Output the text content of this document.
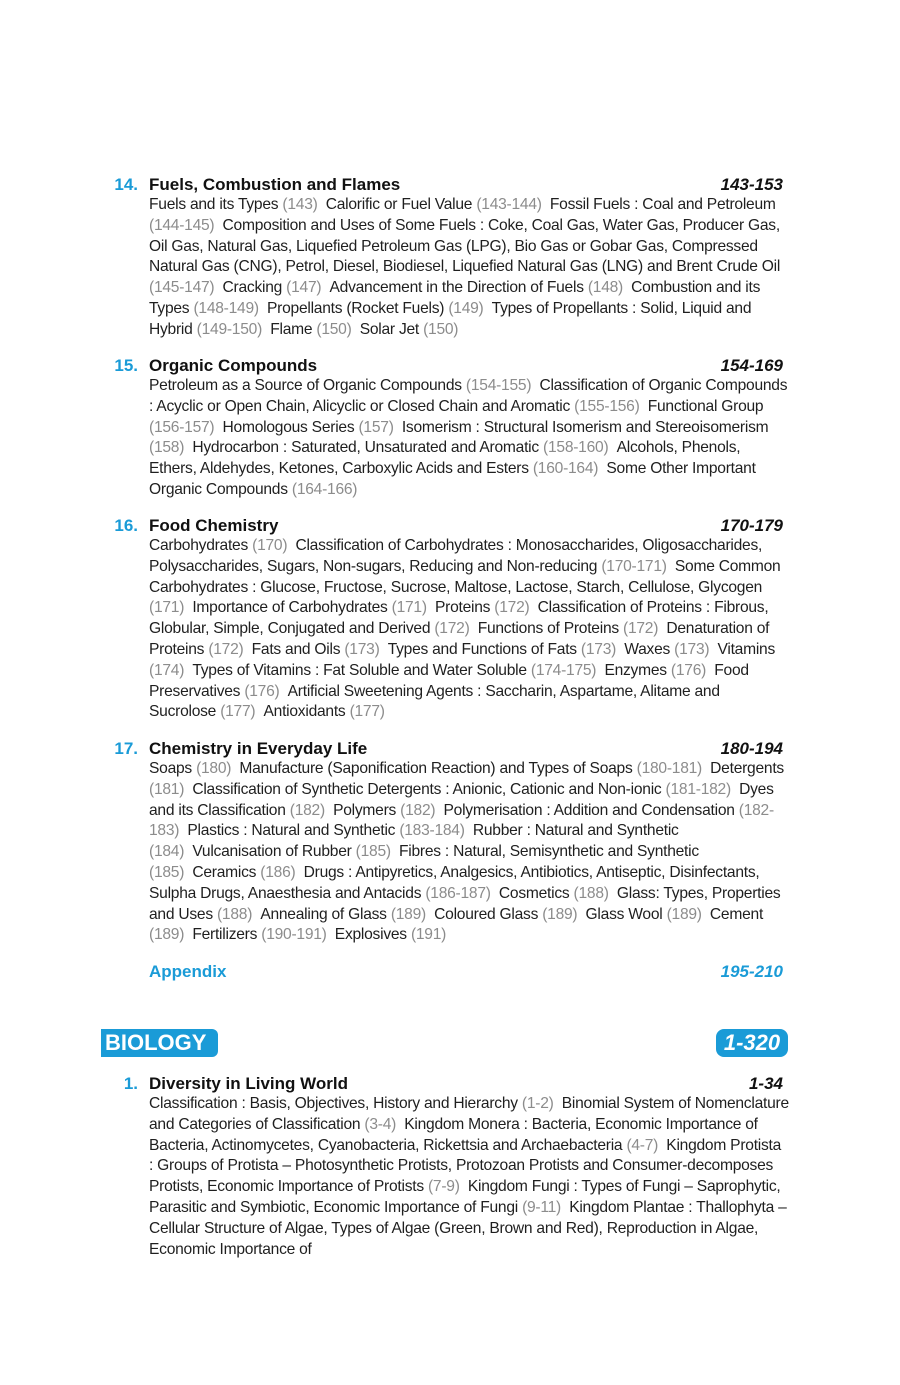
14. Fuels, Combustion and Flames	143-153
Fuels and its Types (143) Calorific or Fuel Value (143-144) Fossil Fuels : Coal and Petroleum (144-145) Composition and Uses of Some Fuels : Coke, Coal Gas, Water Gas, Producer Gas, Oil Gas, Natural Gas, Liquefied Petroleum Gas (LPG), Bio Gas or Gobar Gas, Compressed Natural Gas (CNG), Petrol, Diesel, Biodiesel, Liquefied Natural Gas (LNG) and Brent Crude Oil (145-147) Cracking (147) Advancement in the Direction of Fuels (148) Combustion and its Types (148-149) Propellants (Rocket Fuels) (149) Types of Propellants : Solid, Liquid and Hybrid (149-150) Flame (150) Solar Jet (150)
15. Organic Compounds	154-169
Petroleum as a Source of Organic Compounds (154-155) Classification of Organic Compounds : Acyclic or Open Chain, Alicyclic or Closed Chain and Aromatic (155-156) Functional Group (156-157) Homologous Series (157) Isomerism : Structural Isomerism and Stereoisomerism (158) Hydrocarbon : Saturated, Unsaturated and Aromatic (158-160) Alcohols, Phenols, Ethers, Aldehydes, Ketones, Carboxylic Acids and Esters (160-164) Some Other Important Organic Compounds (164-166)
16. Food Chemistry	170-179
Carbohydrates (170) Classification of Carbohydrates : Monosaccharides, Oligosaccharides, Polysaccharides, Sugars, Non-sugars, Reducing and Non-reducing (170-171) Some Common Carbohydrates : Glucose, Fructose, Sucrose, Maltose, Lactose, Starch, Cellulose, Glycogen (171) Importance of Carbohydrates (171) Proteins (172) Classification of Proteins : Fibrous, Globular, Simple, Conjugated and Derived (172) Functions of Proteins (172) Denaturation of Proteins (172) Fats and Oils (173) Types and Functions of Fats (173) Waxes (173) Vitamins (174) Types of Vitamins : Fat Soluble and Water Soluble (174-175) Enzymes (176) Food Preservatives (176) Artificial Sweetening Agents : Saccharin, Aspartame, Alitame and Sucrolose (177) Antioxidants (177)
17. Chemistry in Everyday Life	180-194
Soaps (180) Manufacture (Saponification Reaction) and Types of Soaps (180-181) Detergents (181) Classification of Synthetic Detergents : Anionic, Cationic and Non-ionic (181-182) Dyes and its Classification (182) Polymers (182) Polymerisation : Addition and Condensation (182-183) Plastics : Natural and Synthetic (183-184) Rubber : Natural and Synthetic (184) Vulcanisation of Rubber (185) Fibres : Natural, Semisynthetic and Synthetic (185) Ceramics (186) Drugs : Antipyretics, Analgesics, Antibiotics, Antiseptic, Disinfectants, Sulpha Drugs, Anaesthesia and Antacids (186-187) Cosmetics (188) Glass: Types, Properties and Uses (188) Annealing of Glass (189) Coloured Glass (189) Glass Wool (189) Cement (189) Fertilizers (190-191) Explosives (191)
Appendix	195-210
BIOLOGY	1-320
1. Diversity in Living World	1-34
Classification : Basis, Objectives, History and Hierarchy (1-2) Binomial System of Nomenclature and Categories of Classification (3-4) Kingdom Monera : Bacteria, Economic Importance of Bacteria, Actinomycetes, Cyanobacteria, Rickettsia and Archaebacteria (4-7) Kingdom Protista : Groups of Protista – Photosynthetic Protists, Protozoan Protists and Consumer-decomposes Protists, Economic Importance of Protists (7-9) Kingdom Fungi : Types of Fungi – Saprophytic, Parasitic and Symbiotic, Economic Importance of Fungi (9-11) Kingdom Plantae : Thallophyta – Cellular Structure of Algae, Types of Algae (Green, Brown and Red), Reproduction in Algae, Economic Importance of
